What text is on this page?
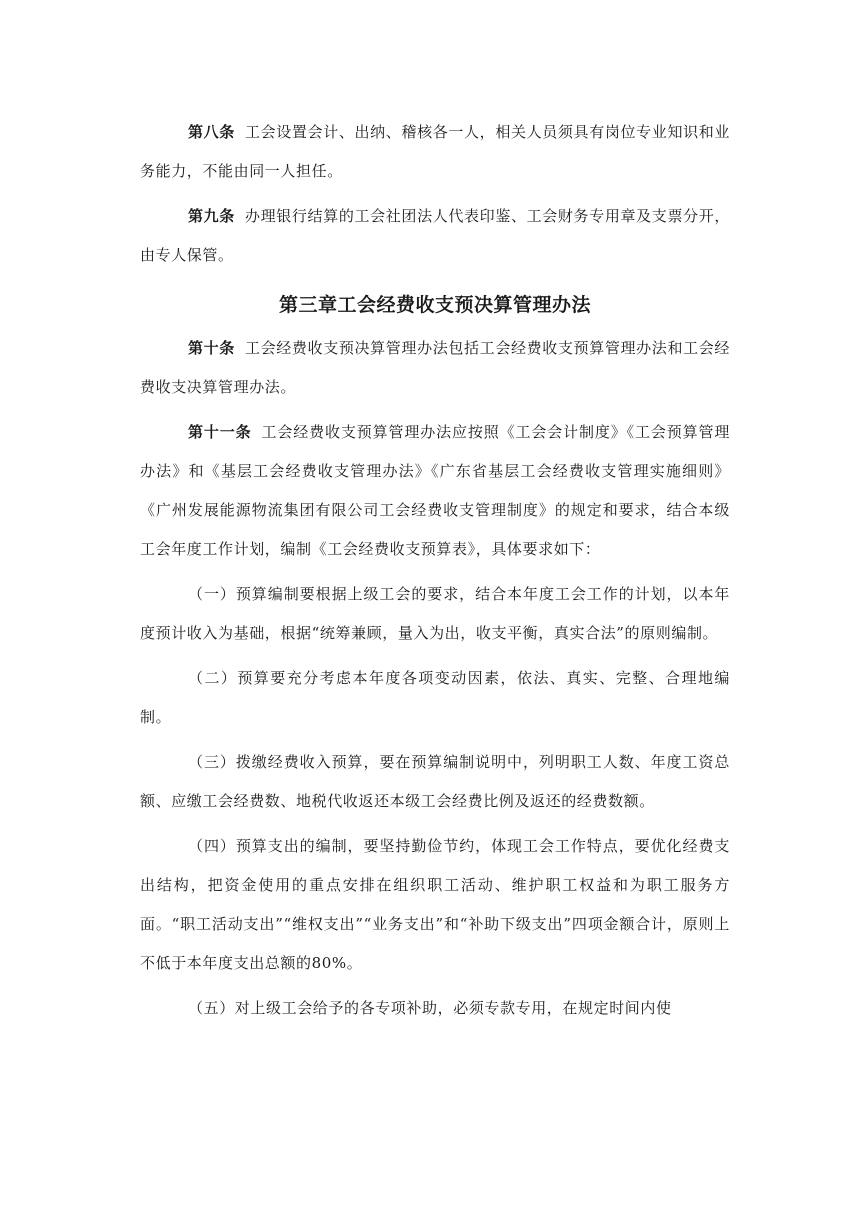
第八条 工会设置会计、出纳、稽核各一人，相关人员须具有岗位专业知识和业务能力，不能由同一人担任。

第九条 办理银行结算的工会社团法人代表印鉴、工会财务专用章及支票分开，由专人保管。

第三章工会经费收支预决算管理办法

第十条 工会经费收支预决算管理办法包括工会经费收支预算管理办法和工会经费收支决算管理办法。

第十一条 工会经费收支预算管理办法应按照《工会会计制度》《工会预算管理办法》和《基层工会经费收支管理办法》《广东省基层工会经费收支管理实施细则》《广州发展能源物流集团有限公司工会经费收支管理制度》的规定和要求，结合本级工会年度工作计划，编制《工会经费收支预算表》，具体要求如下：

（一）预算编制要根据上级工会的要求，结合本年度工会工作的计划，以本年度预计收入为基础，根据“统筹兼顾，量入为出，收支平衡，真实合法”的原则编制。

（二）预算要充分考虑本年度各项变动因素，依法、真实、完整、合理地编制。

（三）拨缴经费收入预算，要在预算编制说明中，列明职工人数、年度工资总额、应缴工会经费数、地税代收返还本级工会经费比例及返还的经费数额。

（四）预算支出的编制，要坚持勤俭节约，体现工会工作特点，要优化经费支出结构，把资金使用的重点安排在组织职工活动、维护职工权益和为职工服务方面。“职工活动支出”“维权支出”“业务支出”和“补助下级支出”四项金额合计，原则上不低于本年度支出总额的80%。

（五）对上级工会给予的各专项补助，必须专款专用，在规定时间内使
